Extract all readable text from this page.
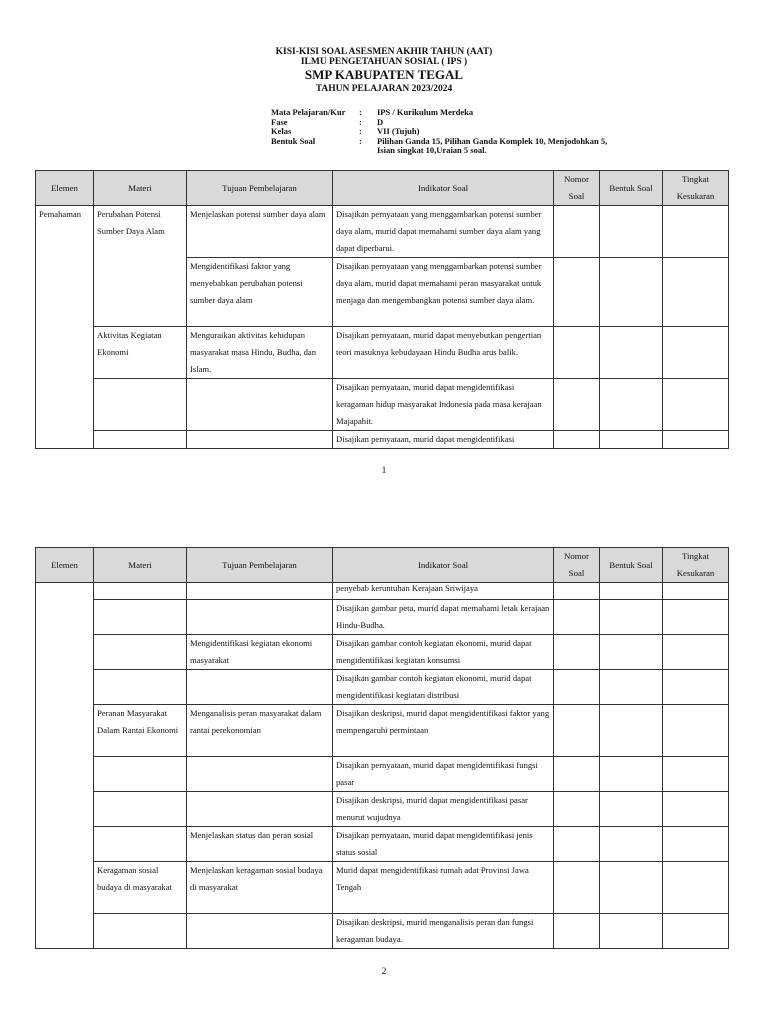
KISI-KISI SOAL ASESMEN AKHIR TAHUN (AAT)
ILMU PENGETAHUAN SOSIAL ( IPS )
SMP KABUPATEN TEGAL
TAHUN PELAJARAN 2023/2024
Mata Pelajaran/Kur	:	IPS / Kurikulum Merdeka
Fase	:	D
Kelas	:	VII (Tujuh)
Bentuk Soal	:	Pilihan Ganda 15, Pilihan Ganda Komplek 10, Menjodohkan 5, Isian singkat 10,Uraian 5 soal.
Elemen	Materi	Tujuan Pembelajaran	Indikator Soal	Nomor Soal	Bentuk Soal	Tingkat Kesukaran
Pemahaman	Perubahan Potensi Sumber Daya Alam	Menjelaskan potensi sumber daya alam	Disajikan pernyataan yang menggambarkan potensi sumber daya alam, murid dapat memahami sumber daya alam yang dapat diperbarui.			
		Mengidentifikasi faktor yang menyebabkan perubahan potensi sumber daya alam	Disajikan pernyataan yang menggambarkan potensi sumber daya alam, murid dapat memahami peran masyarakat untuk menjaga dan mengembangkan potensi sumber daya alam.			
	Aktivitas Kegiatan Ekonomi	Menguraikan aktivitas kehidupan masyarakat masa Hindu, Budha, dan Islam.	Disajikan pernyataan, murid dapat menyebutkan pengertian teori masuknya kebudayaan Hindu Budha arus balik.			
			Disajikan pernyataan, murid dapat mengidentifikasi keragaman hidup masyarakat Indonesia pada masa kerajaan Majapahit.			
			Disajikan pernyataan, murid dapat mengidentifikasi			
1
Elemen	Materi	Tujuan Pembelajaran	Indikator Soal	Nomor Soal	Bentuk Soal	Tingkat Kesukaran
			penyebab keruntuhan Kerajaan Sriwijaya			
			Disajikan gambar peta, murid dapat memahami letak kerajaan Hindu-Budha.			
		Mengidentifikasi kegiatan ekonomi masyarakat	Disajikan gambar contoh kegiatan ekonomi, murid dapat mengidentifikasi kegiatan konsumsi			
			Disajikan gambar contoh kegiatan ekonomi, murid dapat mengidentifikasi kegiatan distribusi			
	Peranan Masyarakat Dalam Rantai Ekonomi	Menganalisis peran masyarakat dalam rantai perekonomian	Disajikan deskripsi, murid dapat mengidentifikasi faktor yang mempengaruhi permintaan			
			Disajikan pernyataan, murid dapat mengidentifikasi fungsi pasar			
			Disajikan deskripsi, murid dapat mengidentifikasi pasar menurut wujudnya			
		Menjelaskan status dan peran sosial	Disajikan pernyataan, murid dapat mengidentifikasi jenis status sosial			
	Keragaman sosial budaya di masyarakat	Menjelaskan keragaman sosial budaya di masyarakat	Murid dapat mengidentifikasi rumah adat Provinsi Jawa Tengah			
			Disajikan deskripsi, murid menganalisis peran dan fungsi keragaman budaya.			
2
